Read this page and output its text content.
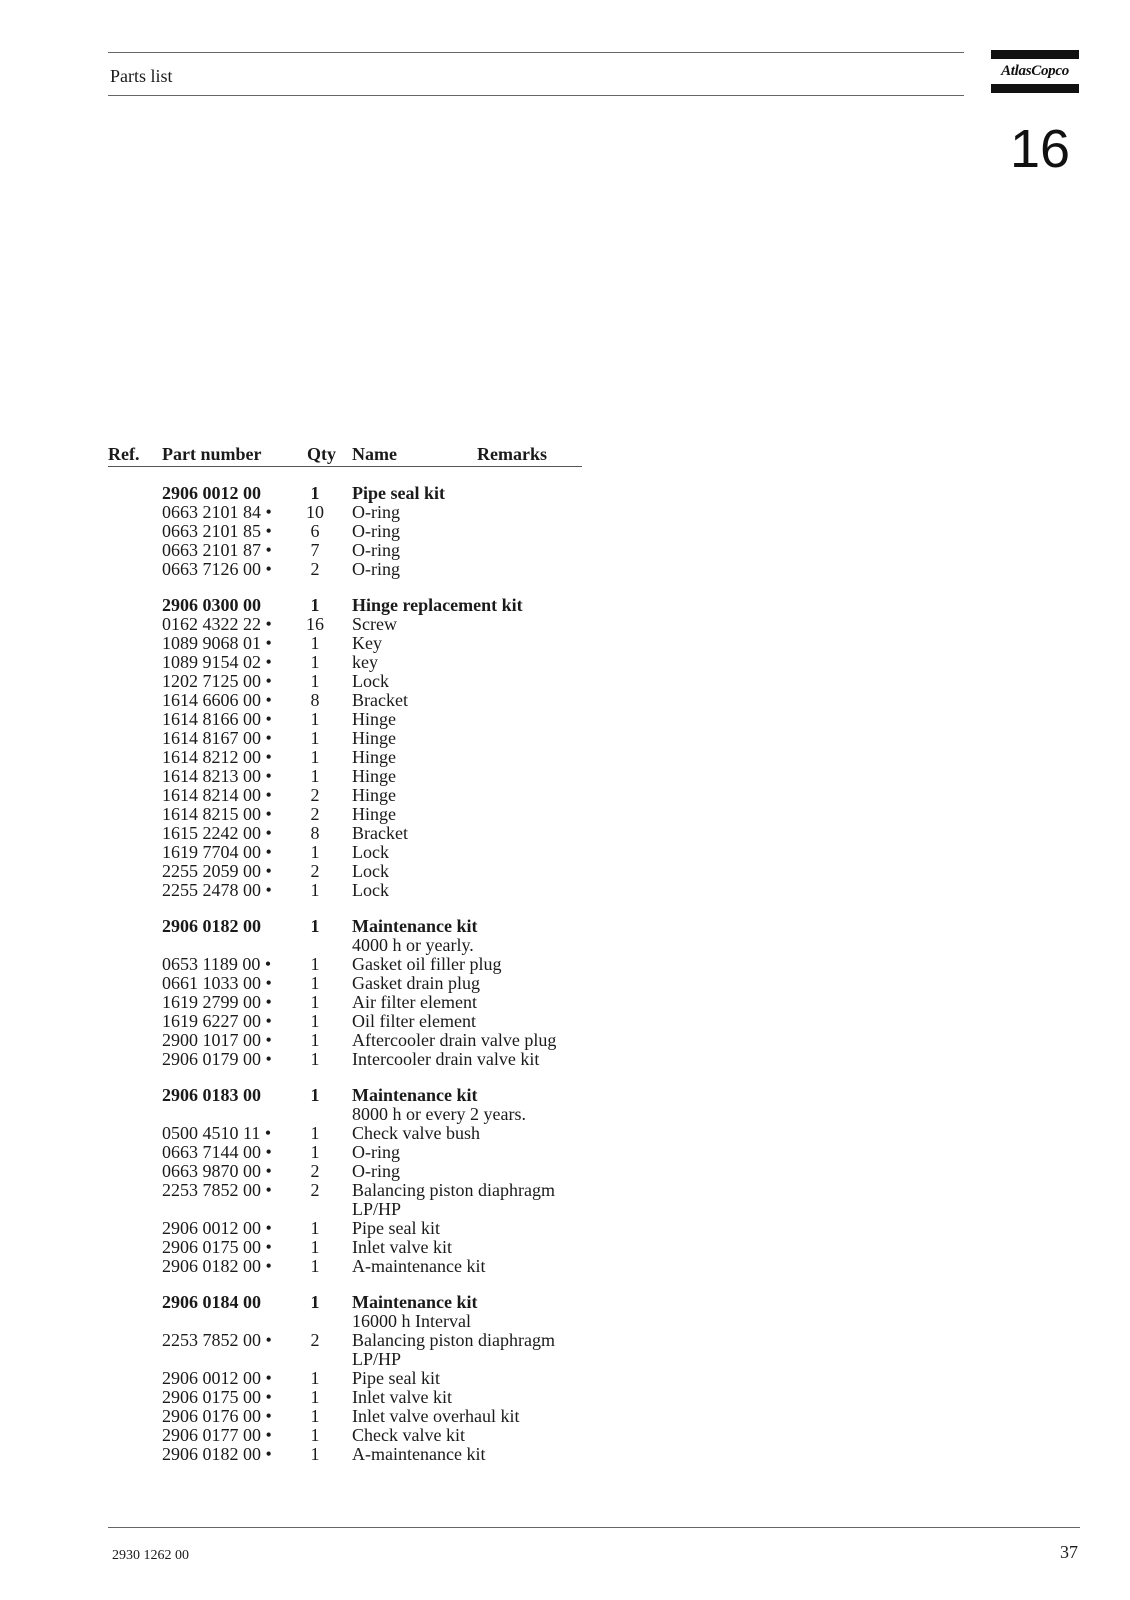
Parts list	AtlasCopco
16
Ref. Part number	Qty Name	Remarks
2906 0012 00	1	Pipe seal kit
0663 2101 84 • 10 O-ring
0663 2101 85 •	6	O-ring
0663 2101 87 •	7	O-ring
0663 7126 00 •	2	O-ring
2906 0300 00	1	Hinge replacement kit
0162 4322 22 • 16 Screw
1089 9068 01 •	1	Key
1089 9154 02 •	1	key
1202 7125 00 •	1	Lock
1614 6606 00 •	8	Bracket
1614 8166 00 •	1	Hinge
1614 8167 00 •	1	Hinge
1614 8212 00 •	1	Hinge
1614 8213 00 •	1	Hinge
1614 8214 00 •	2	Hinge
1614 8215 00 •	2	Hinge
1615 2242 00 •	8	Bracket
1619 7704 00 •	1	Lock
2255 2059 00 •	2	Lock
2255 2478 00 •	1	Lock
2906 0182 00	1	Maintenance kit
4000 h or yearly.
0653 1189 00 •	1	Gasket oil filler plug
0661 1033 00 •	1	Gasket drain plug
1619 2799 00 •	1	Air filter element
1619 6227 00 •	1	Oil filter element
2900 1017 00 •	1	Aftercooler drain valve plug
2906 0179 00 •	1	Intercooler drain valve kit
2906 0183 00	1	Maintenance kit
8000 h or every 2 years.
0500 4510 11 •	1	Check valve bush
0663 7144 00 •	1	O-ring
0663 9870 00 •	2	O-ring
2253 7852 00 •	2	Balancing piston diaphragm
LP/HP
2906 0012 00 •	1	Pipe seal kit
2906 0175 00 •	1	Inlet valve kit
2906 0182 00 •	1	A-maintenance kit
2906 0184 00	1	Maintenance kit
16000 h Interval
2253 7852 00 •	2	Balancing piston diaphragm
LP/HP
2906 0012 00 •	1	Pipe seal kit
2906 0175 00 •	1	Inlet valve kit
2906 0176 00 •	1	Inlet valve overhaul kit
2906 0177 00 •	1	Check valve kit
2906 0182 00 •	1	A-maintenance kit
2930 1262 00	37
